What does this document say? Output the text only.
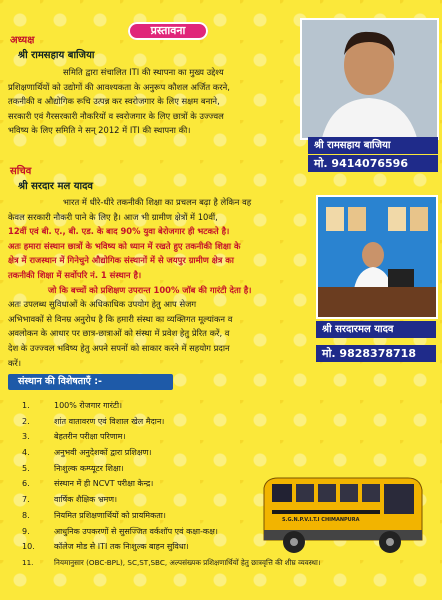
प्रस्तावना
अध्यक्ष
श्री रामसहाय बाजिया
समिति द्वारा संचालित ITI की स्थापना का मुख्य उद्देश्य
प्रशिक्षणार्थियों को उद्योगों की आवश्यकता के अनुरूप कौशल अर्जित करने,
तकनीकी व औद्योगिक रूचि उत्पन्न कर स्वरोजगार के लिए सक्षम बनाने,
सरकारी एवं गैरसरकारी नौकरियों व स्वरोजगार के लिए छात्रों के उज्ज्वल
भविष्य के लिए समिति ने सन् 2012 में ITI की स्थापना की।
श्री रामसहाय बाजिया
मो. 9414076596
सचिव
श्री सरदार मल यादव
भारत में धीरे-धीरे तकनीकी शिक्षा का प्रचलन बढ़ा है लेकिन वह
केवल सरकारी नौकरी पाने के लिए है। आज भी ग्रामीण क्षेत्रों में 10वीं,
12वीं एवं बी. ए., बी. एड. के बाद 90% युवा बेरोजगार ही भटकते है।
अतः हमारा संस्थान छात्रों के भविष्य को ध्यान में रखते हुए तकनीकी शिक्षा के
क्षेत्र में राजस्थान में गिनेचुने औद्योगिक संस्थानों में से जयपुर ग्रामीण क्षेत्र का
तकनीकी शिक्षा में सर्वोपरि नं. 1 संस्थान है।
जो कि बच्चों को प्रशिक्षण उपरान्त 100% जॉब की गारंटी देता है।
अतः उपलब्ध सुविधाओं के अधिकाधिक उपयोग हेतु आप सेजग
अभिभावकों से विनम्र अनुरोध है कि हमारी संस्था का व्यक्तिगत मूल्यांकन व
अवलोकन के आधार पर छात्र-छात्राओं को संस्था में प्रवेश हेतु प्रेरित करें, व
देश के उज्ज्वल भविष्य हेतु अपने सपनों को साकार करने में सहयोग प्रदान
करें।
श्री सरदारमल यादव
मो. 9828378718
संस्थान की विशेषताएँ :-
1.	100% रोजगार गारंटी।
2.	शांत वातावरण एवं विशाल खेल मैदान।
3.	बेहतरीन परीक्षा परिणाम।
4.	अनुभवी अनुदेशकों द्वारा प्रशिक्षण।
5.	निःशुल्क कम्प्यूटर शिक्षा।
6.	संस्थान में ही NCVT परीक्षा केन्द्र।
7.	वार्षिक शैक्षिक भ्रमण।
8.	नियमित प्रशिक्षणार्थियों को प्रायमिकता।
9.	आधुनिक उपकरणों से सुसज्जित वर्कशॉप एवं कक्षा-कक्ष।
10. कॉलेज मोड से ITI तक निःशुल्क बाहन सुविधा।
11.	नियमानुसार (OBC-BPL), SC,ST,SBC, अल्पसंख्यक प्रशिक्षणार्थियों हेतु छात्रवृत्ति की शीघ्र व्यवस्था।
S.G.N.P.V.I.T.I CHIMANPURA
